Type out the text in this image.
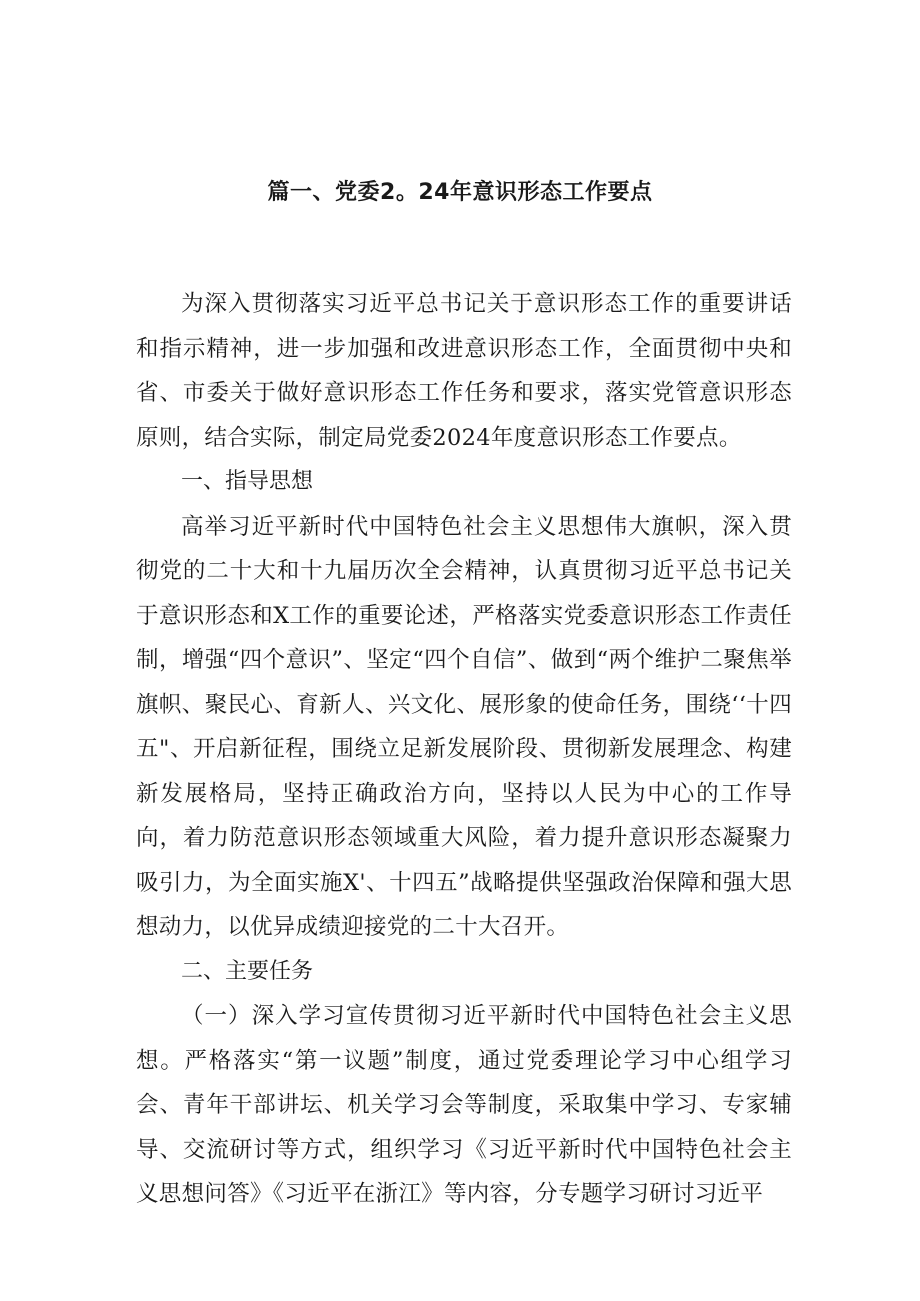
篇一、党委2。24年意识形态工作要点

为深入贯彻落实习近平总书记关于意识形态工作的重要讲话和指示精神，进一步加强和改进意识形态工作，全面贯彻中央和省、市委关于做好意识形态工作任务和要求，落实党管意识形态原则，结合实际，制定局党委2024年度意识形态工作要点。

一、指导思想

高举习近平新时代中国特色社会主义思想伟大旗帜，深入贯彻党的二十大和十九届历次全会精神，认真贯彻习近平总书记关于意识形态和X工作的重要论述，严格落实党委意识形态工作责任制，增强“四个意识”、坚定“四个自信”、做到“两个维护二聚焦举旗帜、聚民心、育新人、兴文化、展形象的使命任务，围绕‘‘十四五"、开启新征程，围绕立足新发展阶段、贯彻新发展理念、构建新发展格局，坚持正确政治方向，坚持以人民为中心的工作导向，着力防范意识形态领域重大风险，着力提升意识形态凝聚力吸引力，为全面实施X'、十四五”战略提供坚强政治保障和强大思想动力，以优异成绩迎接党的二十大召开。

二、主要任务

（一）深入学习宣传贯彻习近平新时代中国特色社会主义思想。严格落实“第一议题”制度，通过党委理论学习中心组学习会、青年干部讲坛、机关学习会等制度，采取集中学习、专家辅导、交流研讨等方式，组织学习《习近平新时代中国特色社会主义思想问答》《习近平在浙江》等内容，分专题学习研讨习近平
